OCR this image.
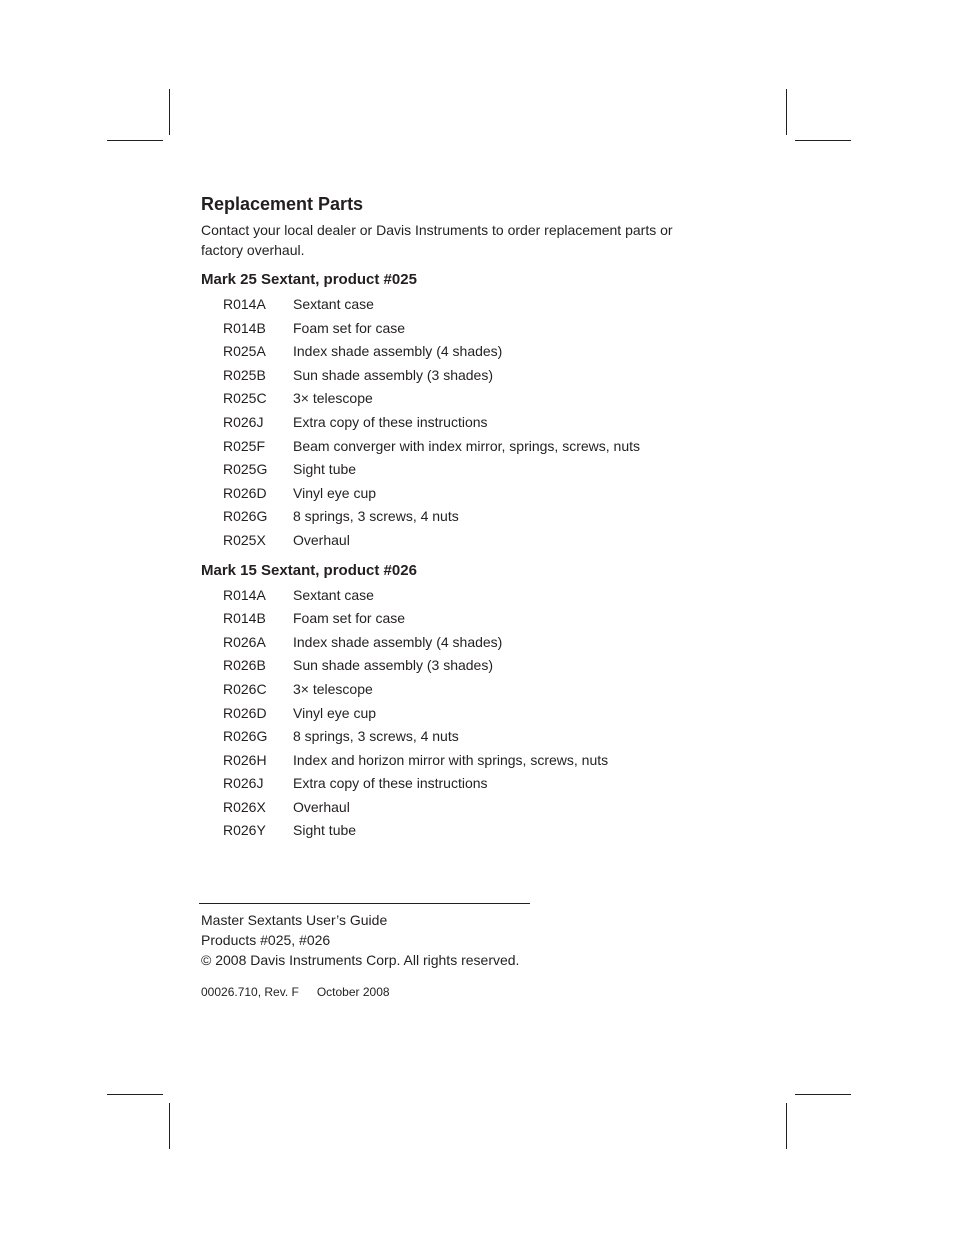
Replacement Parts

Contact your local dealer or Davis Instruments to order replacement parts or factory overhaul.

Mark 25 Sextant, product #025
R014A	Sextant case
R014B	Foam set for case
R025A	Index shade assembly (4 shades)
R025B	Sun shade assembly (3 shades)
R025C	3× telescope
R026J	Extra copy of these instructions
R025F	Beam converger with index mirror, springs, screws, nuts
R025G	Sight tube
R026D	Vinyl eye cup
R026G	8 springs, 3 screws, 4 nuts
R025X	Overhaul
Mark 15 Sextant, product #026
R014A	Sextant case
R014B	Foam set for case
R026A	Index shade assembly (4 shades)
R026B	Sun shade assembly (3 shades)
R026C	3× telescope
R026D	Vinyl eye cup
R026G	8 springs, 3 screws, 4 nuts
R026H	Index and horizon mirror with springs, screws, nuts
R026J	Extra copy of these instructions
R026X	Overhaul
R026Y	Sight tube
Master Sextants User’s Guide
Products #025, #026
© 2008 Davis Instruments Corp. All rights reserved.
00026.710, Rev. F October 2008
